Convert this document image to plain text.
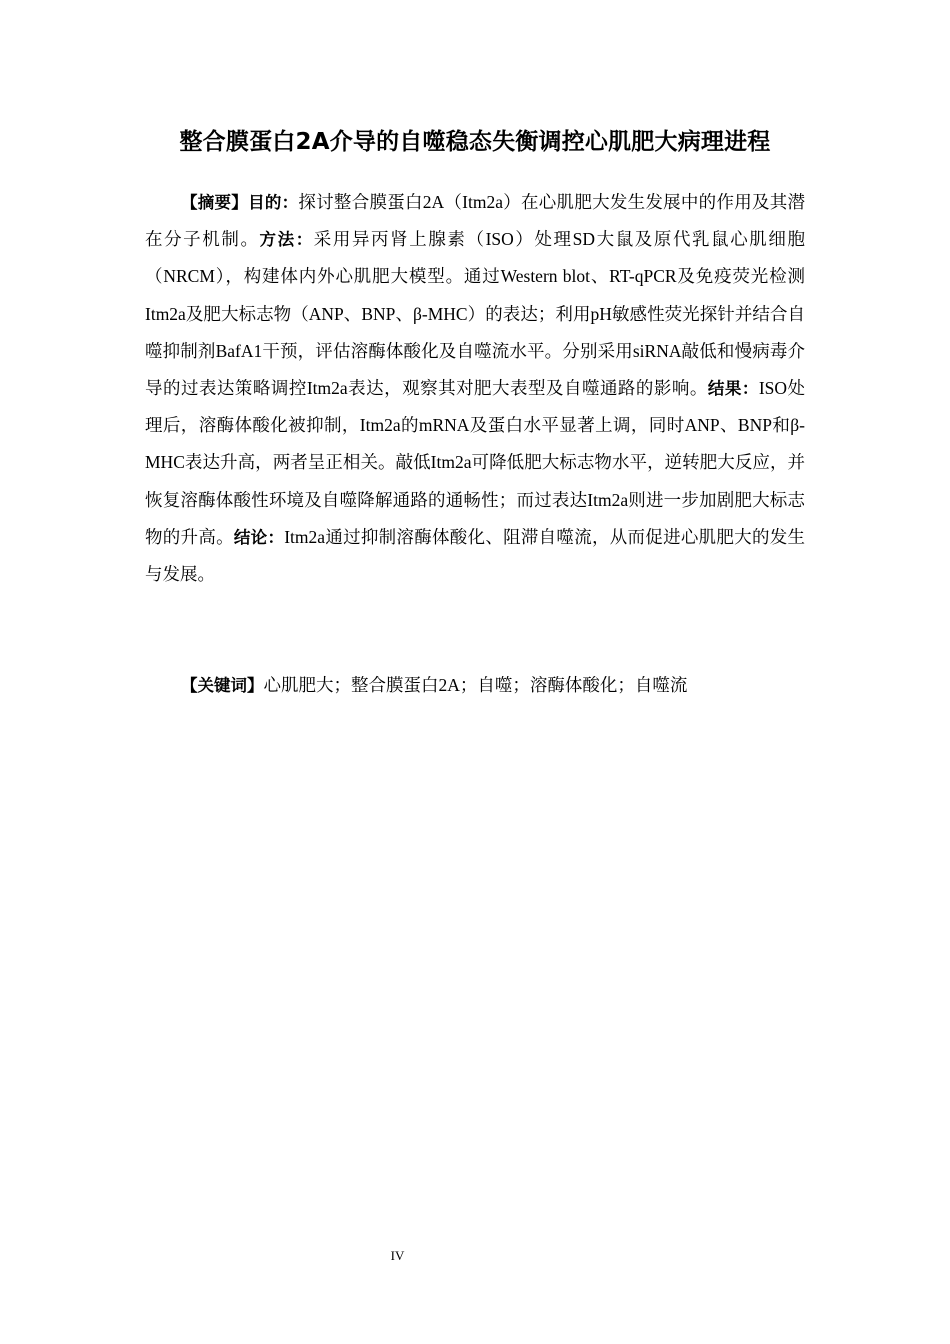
整合膜蛋白2A介导的自噬稳态失衡调控心肌肥大病理进程

【摘要】目的：探讨整合膜蛋白2A（Itm2a）在心肌肥大发生发展中的作用及其潜在分子机制。方法：采用异丙肾上腺素（ISO）处理SD大鼠及原代乳鼠心肌细胞（NRCM），构建体内外心肌肥大模型。通过Western blot、RT-qPCR及免疫荧光检测Itm2a及肥大标志物（ANP、BNP、β-MHC）的表达；利用pH敏感性荧光探针并结合自噬抑制剂BafA1干预，评估溶酶体酸化及自噬流水平。分别采用siRNA敲低和慢病毒介导的过表达策略调控Itm2a表达，观察其对肥大表型及自噬通路的影响。结果：ISO处理后，溶酶体酸化被抑制，Itm2a的mRNA及蛋白水平显著上调，同时ANP、BNP和β-MHC表达升高，两者呈正相关。敲低Itm2a可降低肥大标志物水平，逆转肥大反应，并恢复溶酶体酸性环境及自噬降解通路的通畅性；而过表达Itm2a则进一步加剧肥大标志物的升高。结论：Itm2a通过抑制溶酶体酸化、阻滞自噬流，从而促进心肌肥大的发生与发展。

【关键词】心肌肥大；整合膜蛋白2A；自噬；溶酶体酸化；自噬流

IV
